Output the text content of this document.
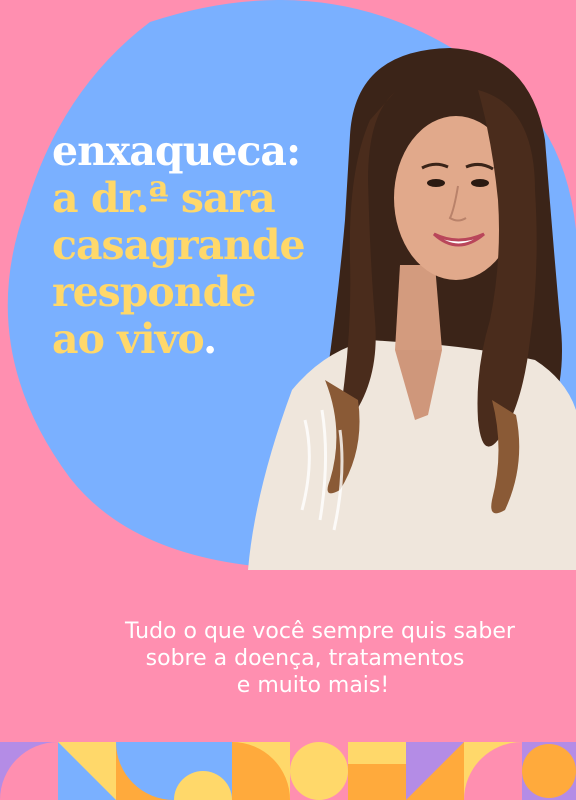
enxaqueca:
a dr.ª sara
casagrande
responde
ao vivo.

Tudo o que você sempre quis saber
sobre a doença, tratamentos
e muito mais!
